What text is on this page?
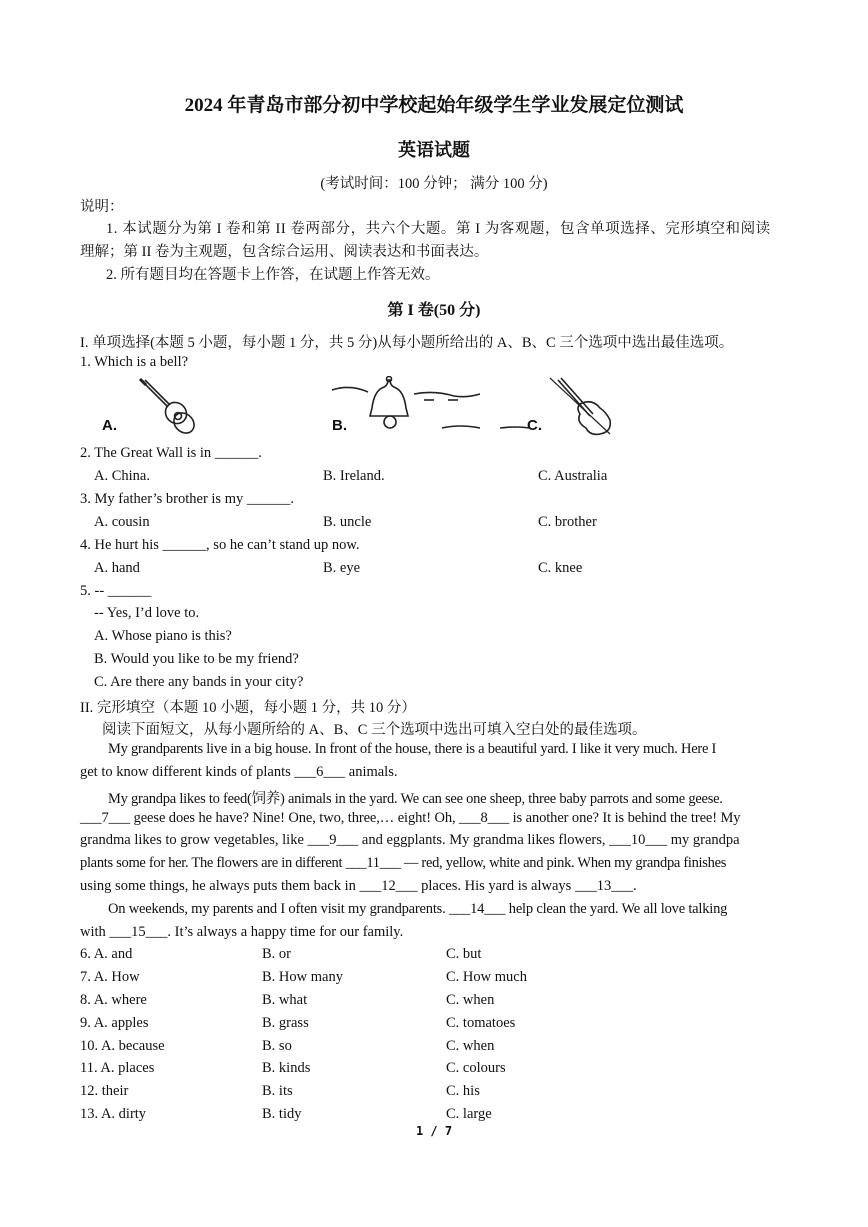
2024 年青岛市部分初中学校起始年级学生学业发展定位测试
英语试题
(考试时间：100 分钟； 满分 100 分)
说明：
1. 本试题分为第 I 卷和第 II 卷两部分，共六个大题。第 I 为客观题，包含单项选择、完形填空和阅读
理解；第 II 卷为主观题，包含综合运用、阅读表达和书面表达。
2. 所有题目均在答题卡上作答，在试题上作答无效。
第 I 卷(50 分)
I. 单项选择(本题 5 小题，每小题 1 分，共 5 分)从每小题所给出的 A、B、C 三个选项中选出最佳选项。
1. Which is a bell?
A.	B.	C.
2. The Great Wall is in ______.
A. China.	B. Ireland.	C. Australia
3. My father’s brother is my ______.
A. cousin	B. uncle	C. brother
4. He hurt his ______, so he can’t stand up now.
A. hand	B. eye	C. knee
5. -- ______
-- Yes, I’d love to.
A. Whose piano is this?
B. Would you like to be my friend?
C. Are there any bands in your city?
II. 完形填空（本题 10 小题，每小题 1 分，共 10 分）
阅读下面短文，从每小题所给的 A、B、C 三个选项中选出可填入空白处的最佳选项。
My grandparents live in a big house. In front of the house, there is a beautiful yard. I like it very much. Here I
get to know different kinds of plants ___6___ animals.
My grandpa likes to feed(饲养) animals in the yard. We can see one sheep, three baby parrots and some geese.
___7___ geese does he have? Nine! One, two, three,… eight! Oh, ___8___ is another one? It is behind the tree! My
grandma likes to grow vegetables, like ___9___ and eggplants. My grandma likes flowers, ___10___ my grandpa
plants some for her. The flowers are in different ___11___ — red, yellow, white and pink. When my grandpa finishes
using some things, he always puts them back in ___12___ places. His yard is always ___13___.
On weekends, my parents and I often visit my grandparents. ___14___ help clean the yard. We all love talking
with ___15___. It’s always a happy time for our family.
6. A. and	B. or	C. but
7. A. How	B. How many	C. How much
8. A. where	B. what	C. when
9. A. apples	B. grass	C. tomatoes
10. A. because	B. so	C. when
11. A. places	B. kinds	C. colours
12. their	B. its	C. his
13. A. dirty	B. tidy	C. large
1 / 7
